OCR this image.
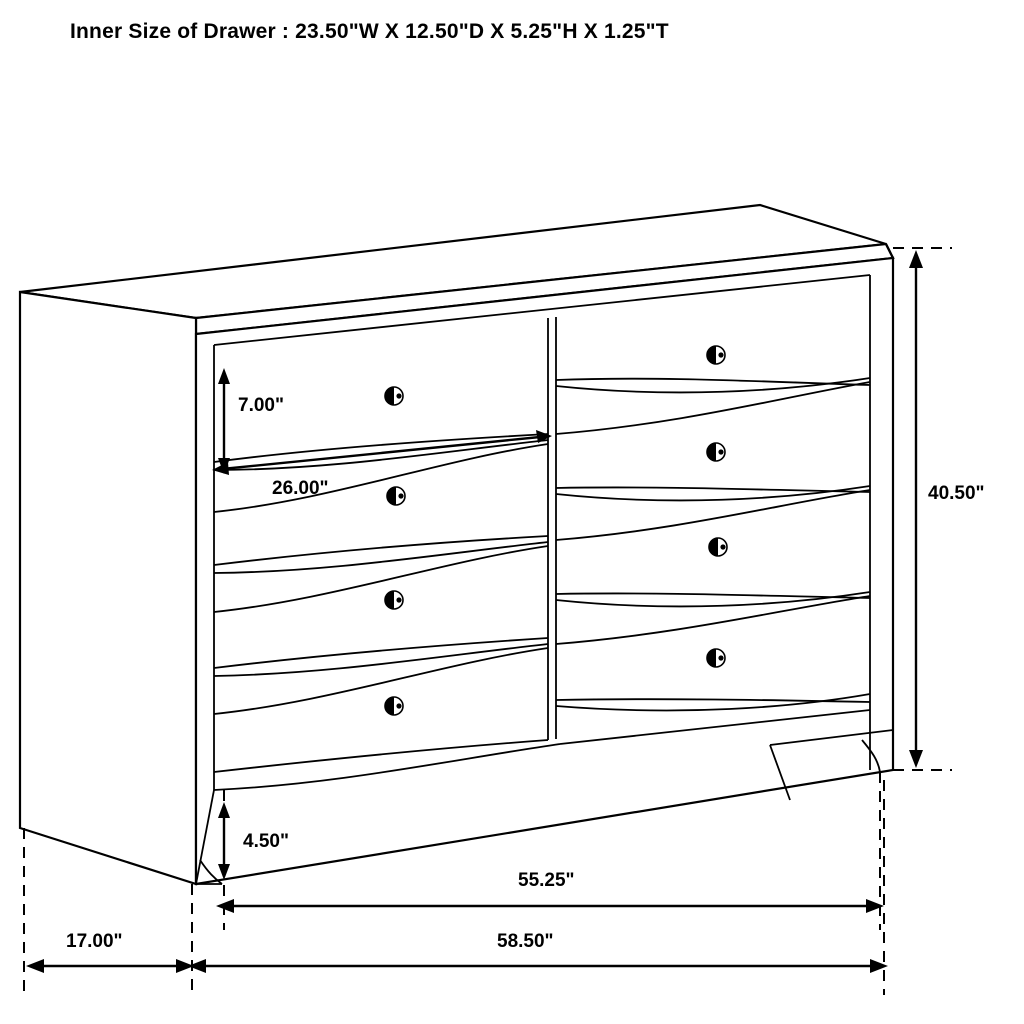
Inner Size of Drawer : 23.50"W X 12.50"D X 5.25"H X 1.25"T
7.00"
26.00"	40.50"
4.50"
55.25"
58.50"
17.00"
